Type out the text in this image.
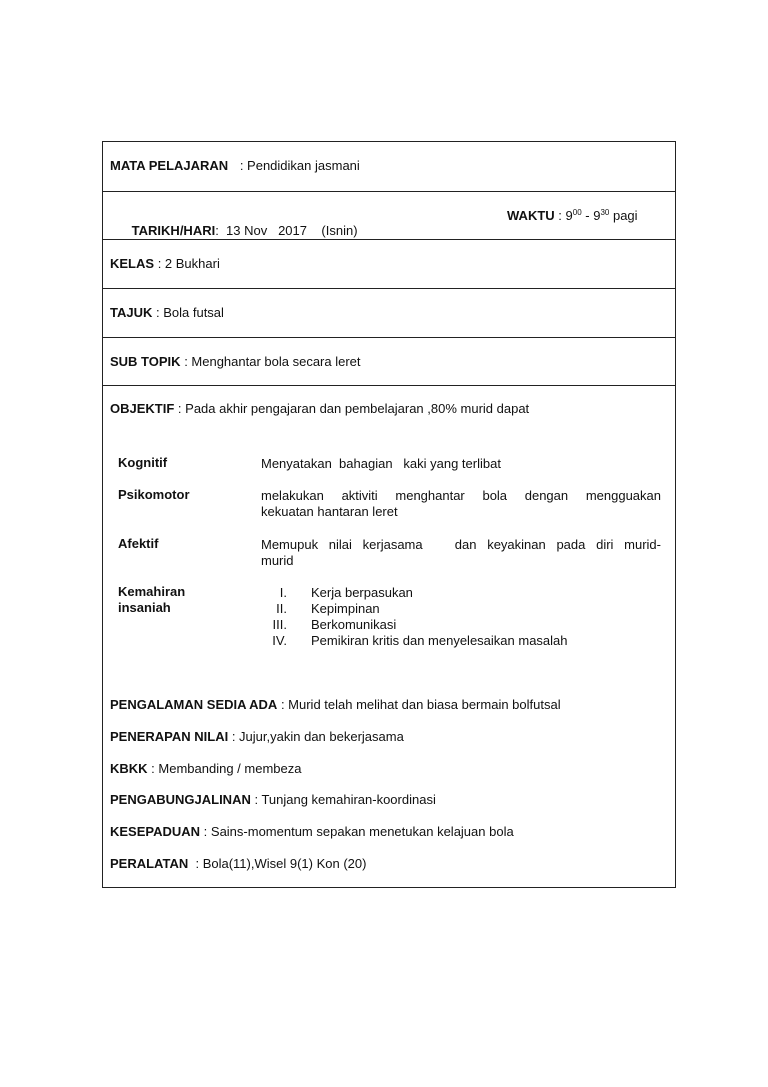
MATA PELAJARAN : Pendidikan jasmani

TARIKH/HARI:  13 Nov   2017    (Isnin)

WAKTU : $9^{00} - 9^{30}$ pagi
KELAS : 2 Bukhari
TAJUK : Bola futsal
SUB TOPIK : Menghantar bola secara leret
OBJEKTIF : Pada akhir pengajaran dan pembelajaran ,80% murid dapat
Kognitif	Menyatakan  bahagian   kaki yang terlibat
Psikomotor	melakukan aktiviti menghantar bola dengan mengguakan
kekuatan hantaran leret
Afektif	Memupuk nilai kerjasama   dan keyakinan pada diri murid-
murid
Kemahiran
insaniah
I. Kerja berpasukan
II. Kepimpinan
III. Berkomunikasi
IV. Pemikiran kritis dan menyelesaikan masalah
PENGALAMAN SEDIA ADA : Murid telah melihat dan biasa bermain bolfutsal
PENERAPAN NILAI : Jujur,yakin dan bekerjasama
KBKK : Membanding / membeza
PENGABUNGJALINAN : Tunjang kemahiran-koordinasi
KESEPADUAN : Sains-momentum sepakan menetukan kelajuan bola
PERALATAN  : Bola(11),Wisel 9(1) Kon (20)
